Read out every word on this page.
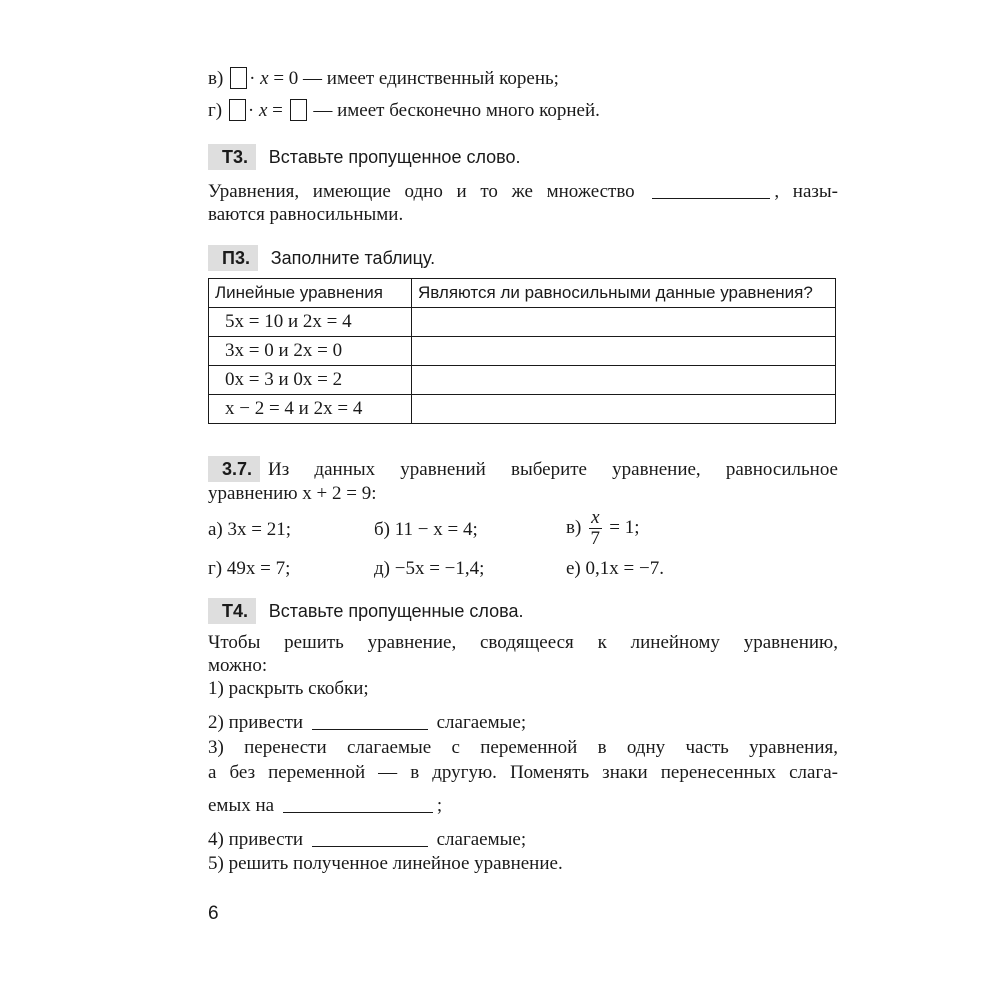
в) · x = 0 — имеет единственный корень;
г) · x =  — имеет бесконечно много корней.
Т3. Вставьте пропущенное слово.
Уравнения, имеющие одно и то же множество	, назы-
ваются равносильными.
П3. Заполните таблицу.
Линейные уравнения	Являются ли равносильными данные уравнения?
5x = 10 и 2x = 4	
3x = 0 и 2x = 0	
0x = 3 и 0x = 2	
x − 2 = 4 и 2x = 4	
3.7. Из данных уравнений выберите уравнение, равносильное
уравнению x + 2 = 9:
а) 3x = 21;	б) 11 − x = 4;	$в) \frac{x}{7} = 1$;
г) 49x = 7;	д) −5x = −1,4;	е) 0,1x = −7.
Т4. Вставьте пропущенные слова.
Чтобы решить уравнение, сводящееся к линейному уравнению,
можно:
1) раскрыть скобки;
2) привести	слагаемые;
3) перенести слагаемые с переменной в одну часть уравнения,
а без переменной — в другую. Поменять знаки перенесенных слага-
емых на	;
4) привести	слагаемые;
5) решить полученное линейное уравнение.
6
